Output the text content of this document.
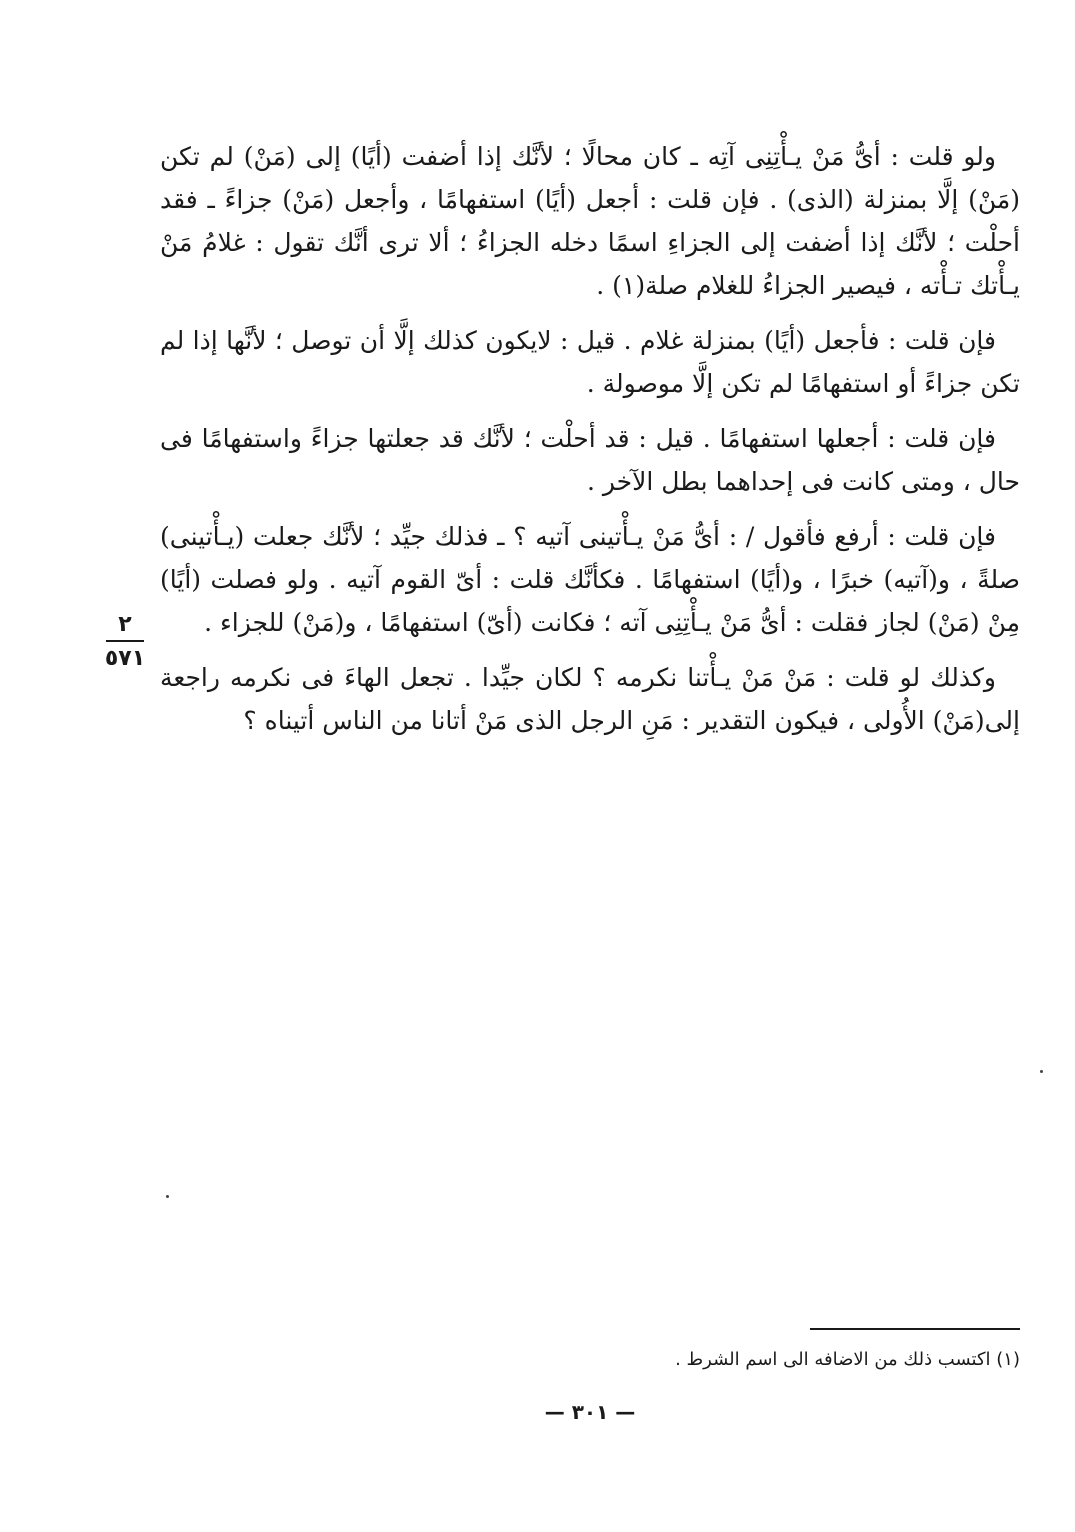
ولو قلت : أىُّ مَنْ يـأْتِنِى آتِه ـ كان محالًا ؛ لأنَّك إذا أضفت (أيًا) إلى (مَنْ) لم تكن (مَنْ) إلَّا بمنزلة (الذى) . فإن قلت : أجعل (أيًا) استفهامًا ، وأجعل (مَنْ) جزاءً ـ فقد أحلْت ؛ لأنَّك إذا أضفت إلى الجزاءِ اسمًا دخله الجزاءُ ؛ ألا ترى أنَّك تقول : غلامُ مَنْ يـأْتك تـأْته ، فيصير الجزاءُ للغلام صلة(١) .

فإن قلت : فأجعل (أيًا) بمنزلة غلام . قيل : لايكون كذلك إلَّا أن توصل ؛ لأنَّها إذا لم تكن جزاءً أو استفهامًا لم تكن إلَّا موصولة .

فإن قلت : أجعلها استفهامًا . قيل : قد أحلْت ؛ لأنَّك قد جعلتها جزاءً واستفهامًا فى حال ، ومتى كانت فى إحداهما بطل الآخر .

فإن قلت : أرفع فأقول / : أىُّ مَنْ يـأْتينى آتيه ؟ ـ فذلك جيِّد ؛ لأنَّك جعلت (يـأْتينى) صلةً ، و(آتيه) خبرًا ، و(أيًا) استفهامًا . فكأنَّك قلت : أىّ القوم آتيه . ولو فصلت (أيًا) مِنْ (مَنْ) لجاز فقلت : أىُّ مَنْ يـأْتِنِى آته ؛ فكانت (أىّ) استفهامًا ، و(مَنْ) للجزاء .

وكذلك لو قلت : مَنْ مَنْ يـأْتنا نكرمه ؟ لكان جيِّدا . تجعل الهاءَ فى نكرمه راجعة إلى(مَنْ) الأُولى ، فيكون التقدير : مَنِ الرجل الذى مَنْ أتانا من الناس أتيناه ؟

٢
٥٧١
(١) اكتسب ذلك من الاضافه الى اسم الشرط .
— ٣٠١ —
